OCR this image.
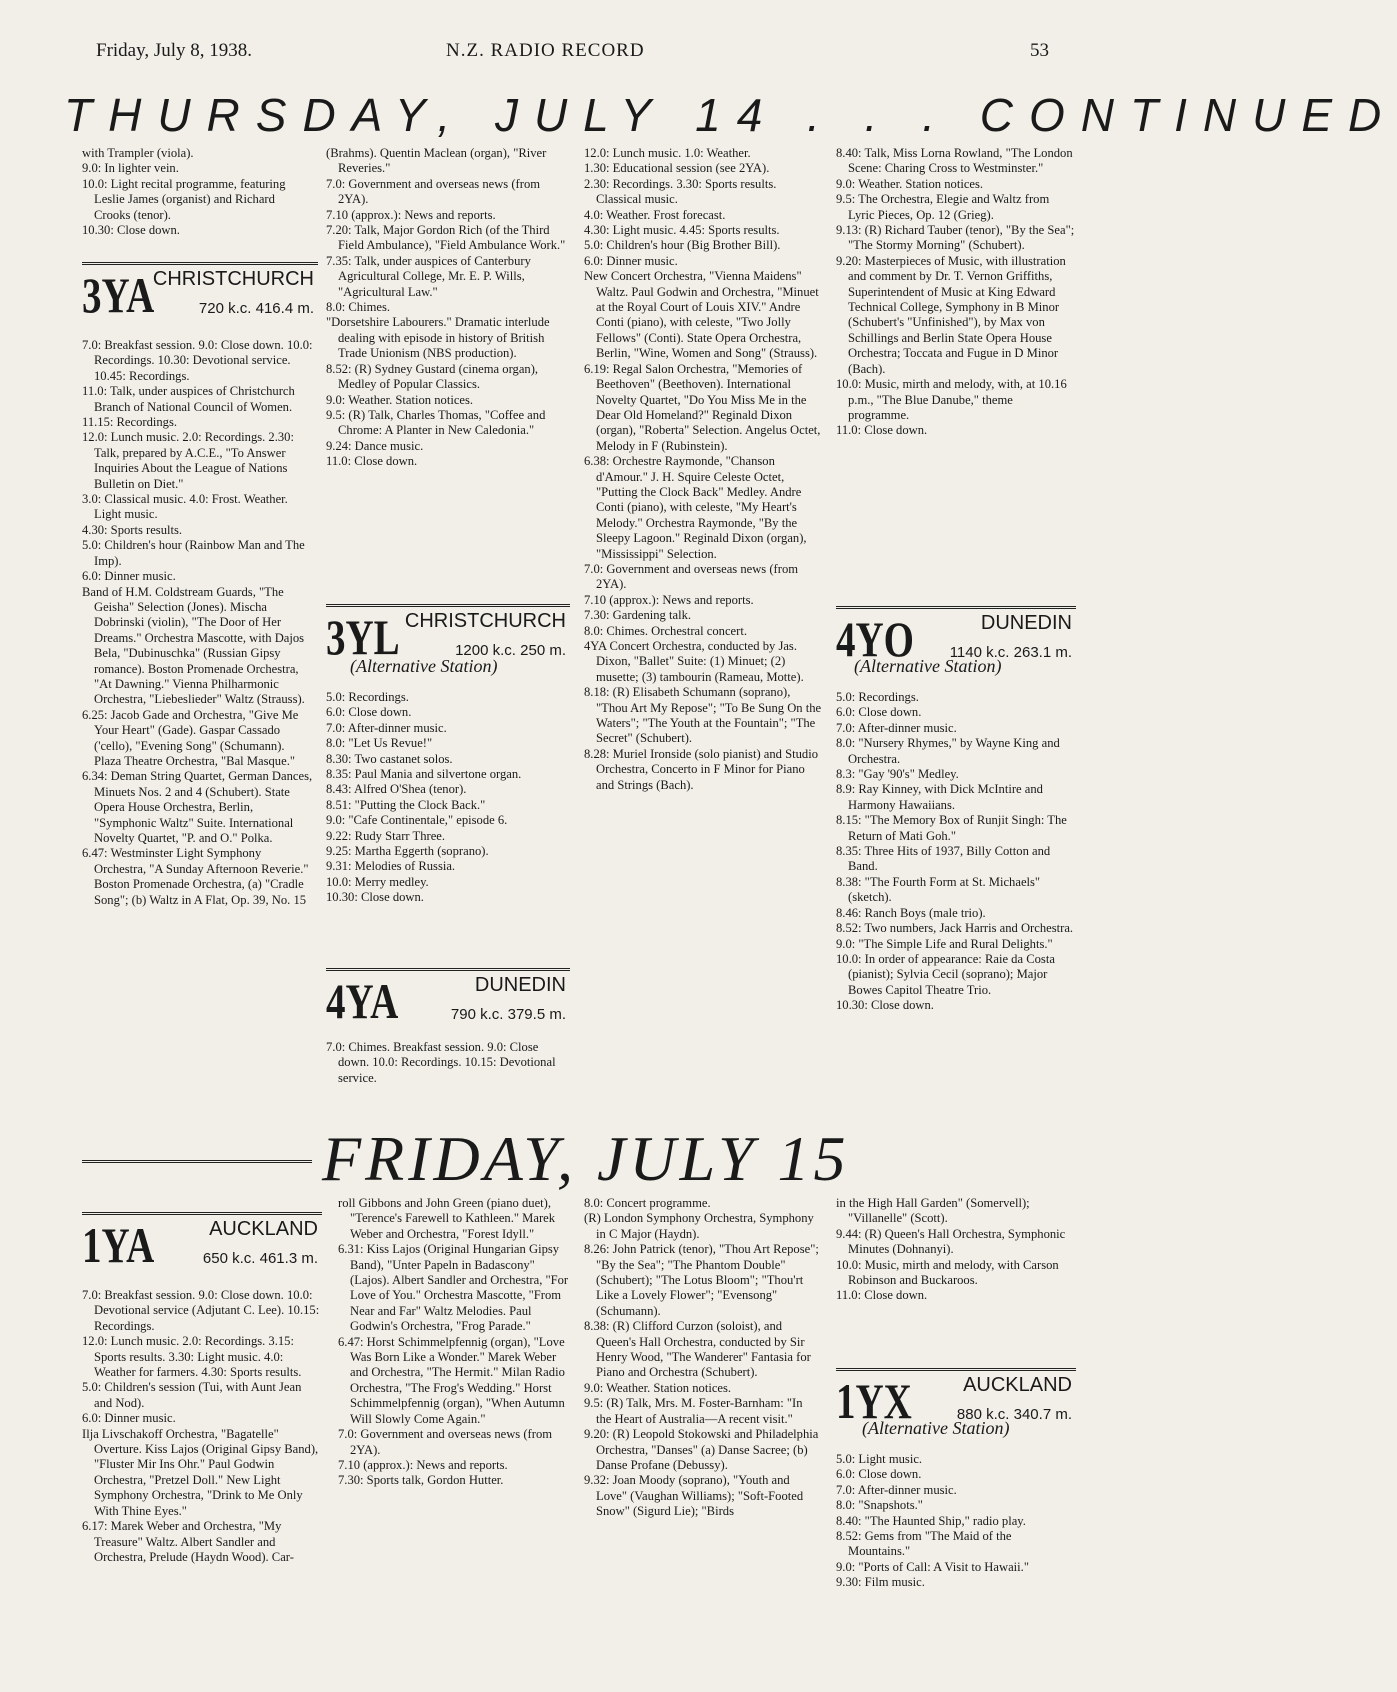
Friday, July 8, 1938.	N.Z. RADIO RECORD	53
THURSDAY, JULY 14 . . . CONTINUED

with Trampler (viola).

9.0: In lighter vein.

10.0: Light recital programme, featuring Leslie James (organist) and Richard Crooks (tenor).

10.30: Close down.

3YA
CHRISTCHURCH
720 k.c. 416.4 m.

7.0: Breakfast session. 9.0: Close down. 10.0: Recordings. 10.30: Devotional service. 10.45: Recordings.

11.0: Talk, under auspices of Christchurch Branch of National Council of Women.

11.15: Recordings.

12.0: Lunch music. 2.0: Recordings. 2.30: Talk, prepared by A.C.E., "To Answer Inquiries About the League of Nations Bulletin on Diet."

3.0: Classical music. 4.0: Frost. Weather. Light music.

4.30: Sports results.

5.0: Children's hour (Rainbow Man and The Imp).

6.0: Dinner music.

Band of H.M. Coldstream Guards, "The Geisha" Selection (Jones). Mischa Dobrinski (violin), "The Door of Her Dreams." Orchestra Mascotte, with Dajos Bela, "Dubinuschka" (Russian Gipsy romance). Boston Promenade Orchestra, "At Dawning." Vienna Philharmonic Orchestra, "Liebeslieder" Waltz (Strauss).

6.25: Jacob Gade and Orchestra, "Give Me Your Heart" (Gade). Gaspar Cassado ('cello), "Evening Song" (Schumann). Plaza Theatre Orchestra, "Bal Masque."

6.34: Deman String Quartet, German Dances, Minuets Nos. 2 and 4 (Schubert). State Opera House Orchestra, Berlin, "Symphonic Waltz" Suite. International Novelty Quartet, "P. and O." Polka.

6.47: Westminster Light Symphony Orchestra, "A Sunday Afternoon Reverie." Boston Promenade Orchestra, (a) "Cradle Song"; (b) Waltz in A Flat, Op. 39, No. 15

(Brahms). Quentin Maclean (organ), "River Reveries."

7.0: Government and overseas news (from 2YA).

7.10 (approx.): News and reports.

7.20: Talk, Major Gordon Rich (of the Third Field Ambulance), "Field Ambulance Work."

7.35: Talk, under auspices of Canterbury Agricultural College, Mr. E. P. Wills, "Agricultural Law."

8.0: Chimes.

"Dorsetshire Labourers." Dramatic interlude dealing with episode in history of British Trade Unionism (NBS production).

8.52: (R) Sydney Gustard (cinema organ), Medley of Popular Classics.

9.0: Weather. Station notices.

9.5: (R) Talk, Charles Thomas, "Coffee and Chrome: A Planter in New Caledonia."

9.24: Dance music.

11.0: Close down.

3YL CHRISTCHURCH
1200 k.c. 250 m.
(Alternative Station)

5.0: Recordings.

6.0: Close down.

7.0: After-dinner music.

8.0: "Let Us Revue!"

8.30: Two castanet solos.

8.35: Paul Mania and silvertone organ.

8.43: Alfred O'Shea (tenor).

8.51: "Putting the Clock Back."

9.0: "Cafe Continentale," episode 6.

9.22: Rudy Starr Three.

9.25: Martha Eggerth (soprano).

9.31: Melodies of Russia.

10.0: Merry medley.

10.30: Close down.

4YA	DUNEDIN
790 k.c. 379.5 m.

7.0: Chimes. Breakfast session. 9.0: Close down. 10.0: Recordings. 10.15: Devotional service.

12.0: Lunch music. 1.0: Weather.

1.30: Educational session (see 2YA).

2.30: Recordings. 3.30: Sports results. Classical music.

4.0: Weather. Frost forecast.

4.30: Light music. 4.45: Sports results.

5.0: Children's hour (Big Brother Bill).

6.0: Dinner music.

New Concert Orchestra, "Vienna Maidens" Waltz. Paul Godwin and Orchestra, "Minuet at the Royal Court of Louis XIV." Andre Conti (piano), with celeste, "Two Jolly Fellows" (Conti). State Opera Orchestra, Berlin, "Wine, Women and Song" (Strauss).

6.19: Regal Salon Orchestra, "Memories of Beethoven" (Beethoven). International Novelty Quartet, "Do You Miss Me in the Dear Old Homeland?" Reginald Dixon (organ), "Roberta" Selection. Angelus Octet, Melody in F (Rubinstein).

6.38: Orchestre Raymonde, "Chanson d'Amour." J. H. Squire Celeste Octet, "Putting the Clock Back" Medley. Andre Conti (piano), with celeste, "My Heart's Melody." Orchestra Raymonde, "By the Sleepy Lagoon." Reginald Dixon (organ), "Mississippi" Selection.

7.0: Government and overseas news (from 2YA).

7.10 (approx.): News and reports.

7.30: Gardening talk.

8.0: Chimes. Orchestral concert.

4YA Concert Orchestra, conducted by Jas. Dixon, "Ballet" Suite: (1) Minuet; (2) musette; (3) tambourin (Rameau, Motte).

8.18: (R) Elisabeth Schumann (soprano), "Thou Art My Repose"; "To Be Sung On the Waters"; "The Youth at the Fountain"; "The Secret" (Schubert).

8.28: Muriel Ironside (solo pianist) and Studio Orchestra, Concerto in F Minor for Piano and Strings (Bach).

8.40: Talk, Miss Lorna Rowland, "The London Scene: Charing Cross to Westminster."

9.0: Weather. Station notices.

9.5: The Orchestra, Elegie and Waltz from Lyric Pieces, Op. 12 (Grieg).

9.13: (R) Richard Tauber (tenor), "By the Sea"; "The Stormy Morning" (Schubert).

9.20: Masterpieces of Music, with illustration and comment by Dr. T. Vernon Griffiths, Superintendent of Music at King Edward Technical College, Symphony in B Minor (Schubert's "Unfinished"), by Max von Schillings and Berlin State Opera House Orchestra; Toccata and Fugue in D Minor (Bach).

10.0: Music, mirth and melody, with, at 10.16 p.m., "The Blue Danube," theme programme.

11.0: Close down.

4YO	DUNEDIN
1140 k.c. 263.1 m.
(Alternative Station)

5.0: Recordings.

6.0: Close down.

7.0: After-dinner music.

8.0: "Nursery Rhymes," by Wayne King and Orchestra.

8.3: "Gay '90's" Medley.

8.9: Ray Kinney, with Dick McIntire and Harmony Hawaiians.

8.15: "The Memory Box of Runjit Singh: The Return of Mati Goh."

8.35: Three Hits of 1937, Billy Cotton and Band.

8.38: "The Fourth Form at St. Michaels" (sketch).

8.46: Ranch Boys (male trio).

8.52: Two numbers, Jack Harris and Orchestra.

9.0: "The Simple Life and Rural Delights."

10.0: In order of appearance: Raie da Costa (pianist); Sylvia Cecil (soprano); Major Bowes Capitol Theatre Trio.

10.30: Close down.

FRIDAY, JULY 15
1YA	AUCKLAND
650 k.c. 461.3 m.

7.0: Breakfast session. 9.0: Close down. 10.0: Devotional service (Adjutant C. Lee). 10.15: Recordings.

12.0: Lunch music. 2.0: Recordings. 3.15: Sports results. 3.30: Light music. 4.0: Weather for farmers. 4.30: Sports results.

5.0: Children's session (Tui, with Aunt Jean and Nod).

6.0: Dinner music.

Ilja Livschakoff Orchestra, "Bagatelle" Overture. Kiss Lajos (Original Gipsy Band), "Fluster Mir Ins Ohr." Paul Godwin Orchestra, "Pretzel Doll." New Light Symphony Orchestra, "Drink to Me Only With Thine Eyes."

6.17: Marek Weber and Orchestra, "My Treasure" Waltz. Albert Sandler and Orchestra, Prelude (Haydn Wood). Car-

roll Gibbons and John Green (piano duet), "Terence's Farewell to Kathleen." Marek Weber and Orchestra, "Forest Idyll."

6.31: Kiss Lajos (Original Hungarian Gipsy Band), "Unter Papeln in Badascony" (Lajos). Albert Sandler and Orchestra, "For Love of You." Orchestra Mascotte, "From Near and Far" Waltz Melodies. Paul Godwin's Orchestra, "Frog Parade."

6.47: Horst Schimmelpfennig (organ), "Love Was Born Like a Wonder." Marek Weber and Orchestra, "The Hermit." Milan Radio Orchestra, "The Frog's Wedding." Horst Schimmelpfennig (organ), "When Autumn Will Slowly Come Again."

7.0: Government and overseas news (from 2YA).

7.10 (approx.): News and reports.

7.30: Sports talk, Gordon Hutter.

8.0: Concert programme.

(R) London Symphony Orchestra, Symphony in C Major (Haydn).

8.26: John Patrick (tenor), "Thou Art Repose"; "By the Sea"; "The Phantom Double" (Schubert); "The Lotus Bloom"; "Thou'rt Like a Lovely Flower"; "Evensong" (Schumann).

8.38: (R) Clifford Curzon (soloist), and Queen's Hall Orchestra, conducted by Sir Henry Wood, "The Wanderer" Fantasia for Piano and Orchestra (Schubert).

9.0: Weather. Station notices.

9.5: (R) Talk, Mrs. M. Foster-Barnham: "In the Heart of Australia—A recent visit."

9.20: (R) Leopold Stokowski and Philadelphia Orchestra, "Danses" (a) Danse Sacree; (b) Danse Profane (Debussy).

9.32: Joan Moody (soprano), "Youth and Love" (Vaughan Williams); "Soft-Footed Snow" (Sigurd Lie); "Birds

in the High Hall Garden" (Somervell); "Villanelle" (Scott).

9.44: (R) Queen's Hall Orchestra, Symphonic Minutes (Dohnanyi).

10.0: Music, mirth and melody, with Carson Robinson and Buckaroos.

11.0: Close down.

1YX	AUCKLAND
880 k.c. 340.7 m.
(Alternative Station)

5.0: Light music.

6.0: Close down.

7.0: After-dinner music.

8.0: "Snapshots."

8.40: "The Haunted Ship," radio play.

8.52: Gems from "The Maid of the Mountains."

9.0: "Ports of Call: A Visit to Hawaii."

9.30: Film music.
